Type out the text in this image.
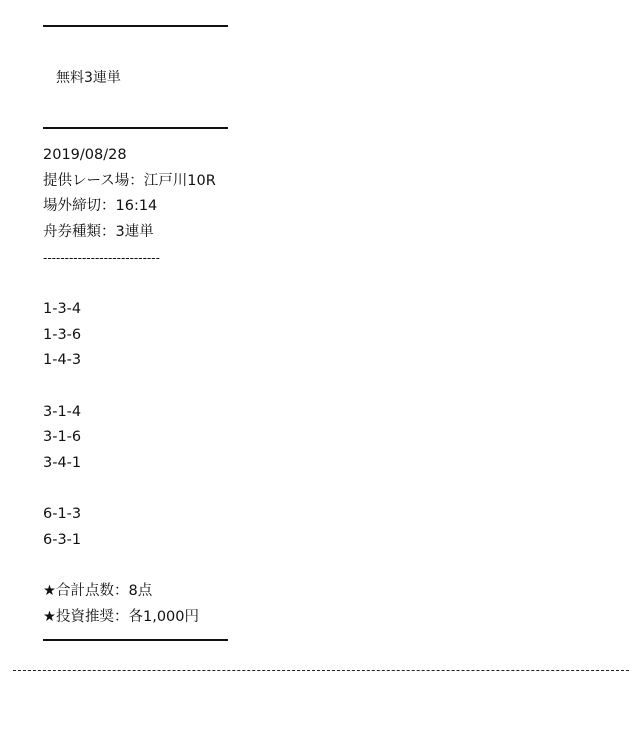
無料3連単
2019/08/28
提供レース場：江戸川10R
場外締切：16:14
舟券種類：3連単
---------------------------
1-3-4
1-3-6
1-4-3
3-1-4
3-1-6
3-4-1
6-1-3
6-3-1
★合計点数：8点
★投資推奨：各1,000円
